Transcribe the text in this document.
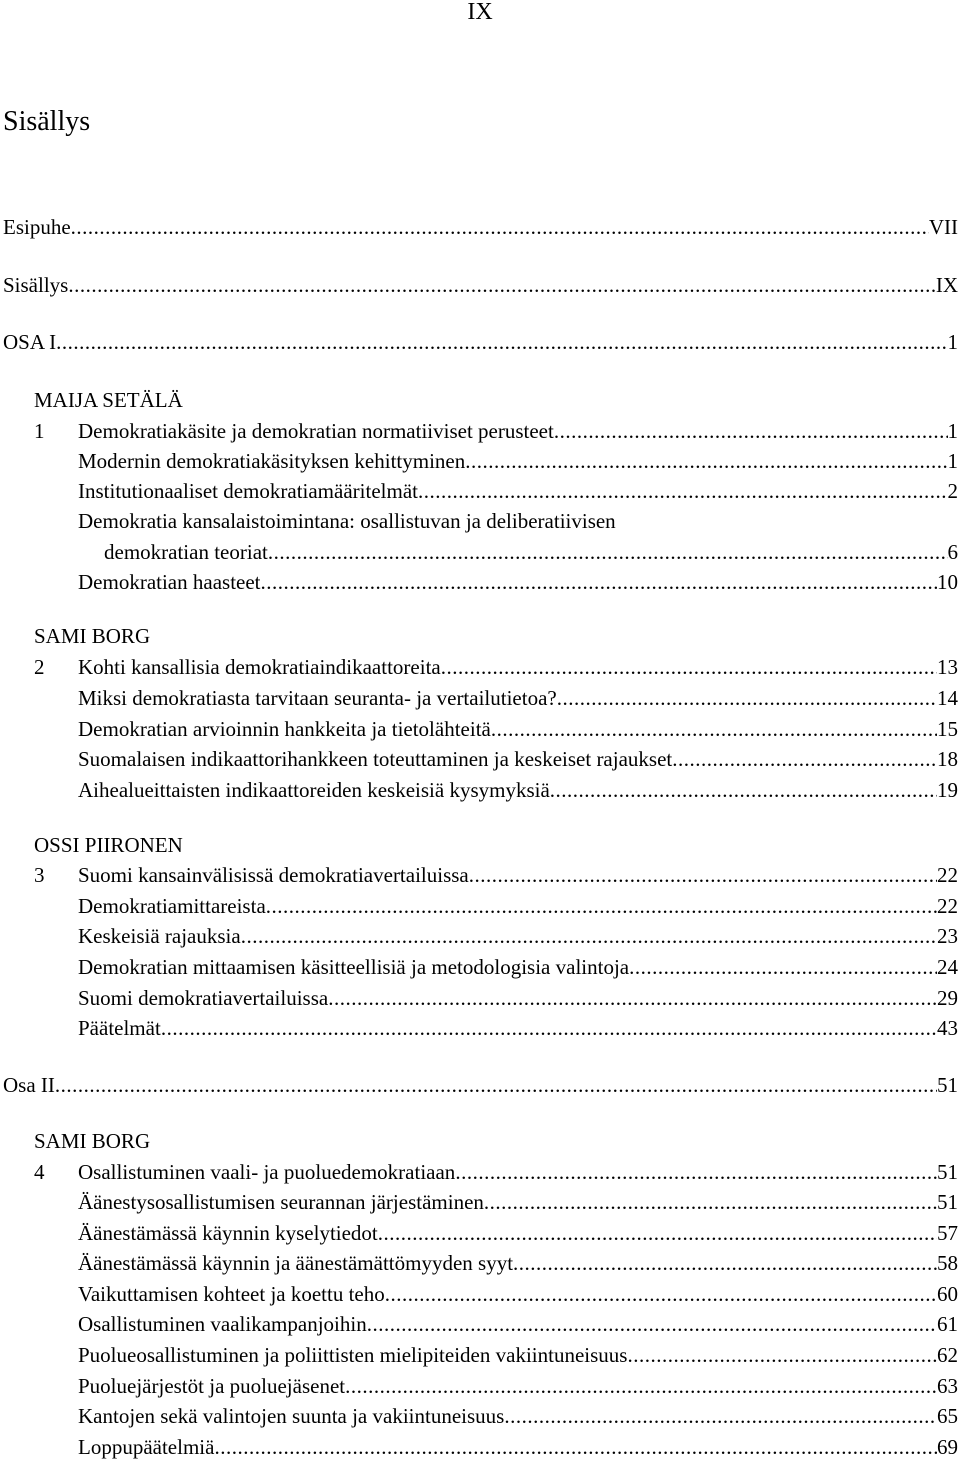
IX
Sisällys
Esipuhe .....	VII
Sisällys .....	IX
OSA I .....	1
MAIJA SETÄLÄ
1 Demokratiakäsite ja demokratian normatiiviset perusteet .....	1
Modernin demokratiakäsityksen kehittyminen .....	1
Institutionaaliset demokratiamääritelmät .....	2
Demokratia kansalaistoimintana: osallistuvan ja deliberatiivisen
demokratian teoriat .....	6
Demokratian haasteet .....	10
SAMI BORG
2 Kohti kansallisia demokratiaindikaattoreita .....	13
Miksi demokratiasta tarvitaan seuranta- ja vertailutietoa? .....	14
Demokratian arvioinnin hankkeita ja tietolähteitä .....	15
Suomalaisen indikaattorihankkeen toteuttaminen ja keskeiset rajaukset .....	18
Aihealueittaisten indikaattoreiden keskeisiä kysymyksiä .....	19
OSSI PIIRONEN
3 Suomi kansainvälisissä demokratiavertailuissa .....	22
Demokratiamittareista .....	22
Keskeisiä rajauksia .....	23
Demokratian mittaamisen käsitteellisiä ja metodologisia valintoja .....	24
Suomi demokratiavertailuissa .....	29
Päätelmät .....	43
Osa II .....	51
SAMI BORG
4 Osallistuminen vaali- ja puoluedemokratiaan .....	51
Äänestysosallistumisen seurannan järjestäminen .....	51
Äänestämässä käynnin kyselytiedot .....	57
Äänestämässä käynnin ja äänestämättömyyden syyt .....	58
Vaikuttamisen kohteet ja koettu teho .....	60
Osallistuminen vaalikampanjoihin .....	61
Puolueosallistuminen ja poliittisten mielipiteiden vakiintuneisuus .....	62
Puoluejärjestöt ja puoluejäsenet .....	63
Kantojen sekä valintojen suunta ja vakiintuneisuus .....	65
Loppupäätelmiä .....	69
